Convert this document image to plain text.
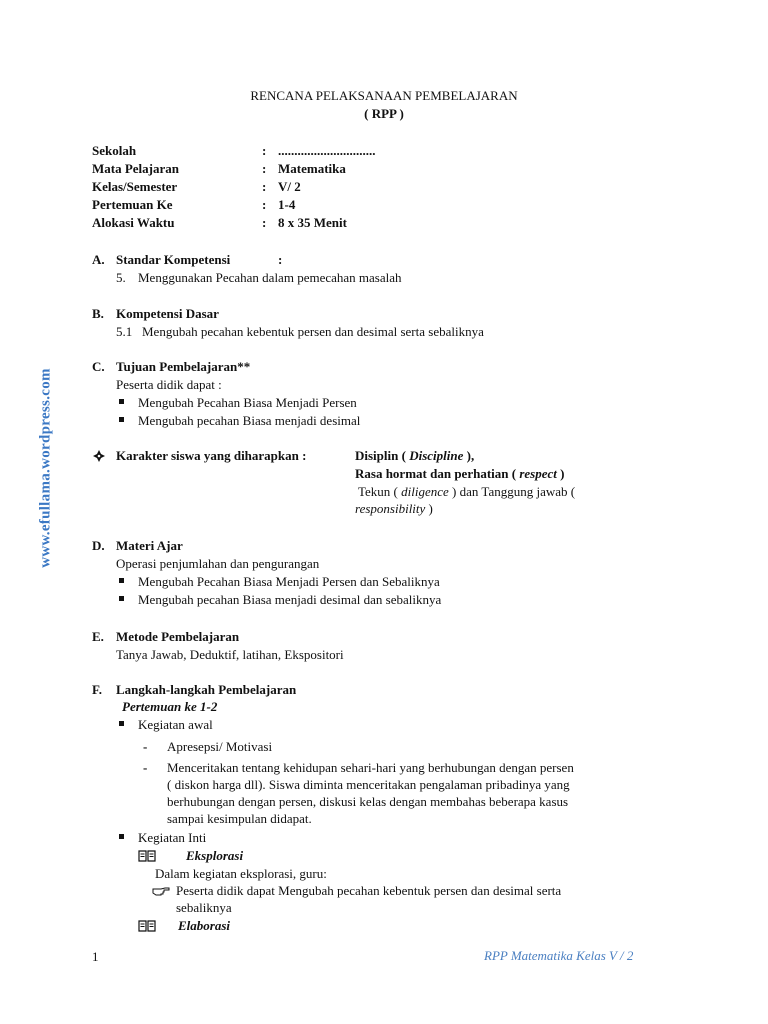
www.efullama.wordpress.com
RENCANA PELAKSANAAN PEMBELAJARAN
( RPP )
Sekolah	: ..............................
Mata Pelajaran	: Matematika
Kelas/Semester	: V/ 2
Pertemuan Ke	: 1-4
Alokasi Waktu	: 8 x 35 Menit
A. Standar Kompetensi	:
5. Menggunakan Pecahan dalam pemecahan masalah
B. Kompetensi Dasar
5.1 Mengubah pecahan kebentuk persen dan desimal serta sebaliknya
C. Tujuan Pembelajaran**
Peserta didik dapat :
Mengubah Pecahan Biasa Menjadi Persen
Mengubah pecahan Biasa menjadi desimal
Karakter siswa yang diharapkan :	Disiplin ( Discipline ),
Rasa hormat dan perhatian ( respect )
Tekun ( diligence ) dan Tanggung jawab (
responsibility )
D. Materi Ajar
Operasi penjumlahan dan pengurangan
Mengubah Pecahan Biasa Menjadi Persen dan Sebaliknya
Mengubah pecahan Biasa menjadi desimal dan sebaliknya
E. Metode Pembelajaran
Tanya Jawab, Deduktif, latihan, Ekspositori
F. Langkah-langkah Pembelajaran
Pertemuan ke 1-2
Kegiatan awal
- Apresepsi/ Motivasi
- Menceritakan tentang kehidupan sehari-hari yang berhubungan dengan persen
( diskon harga dll). Siswa diminta menceritakan pengalaman pribadinya yang
berhubungan dengan persen, diskusi kelas dengan membahas beberapa kasus
sampai kesimpulan didapat.
Kegiatan Inti
Eksplorasi
Dalam kegiatan eksplorasi, guru:
Peserta didik dapat Mengubah pecahan kebentuk persen dan desimal serta
sebaliknya
Elaborasi
1	RPP Matematika Kelas V / 2
